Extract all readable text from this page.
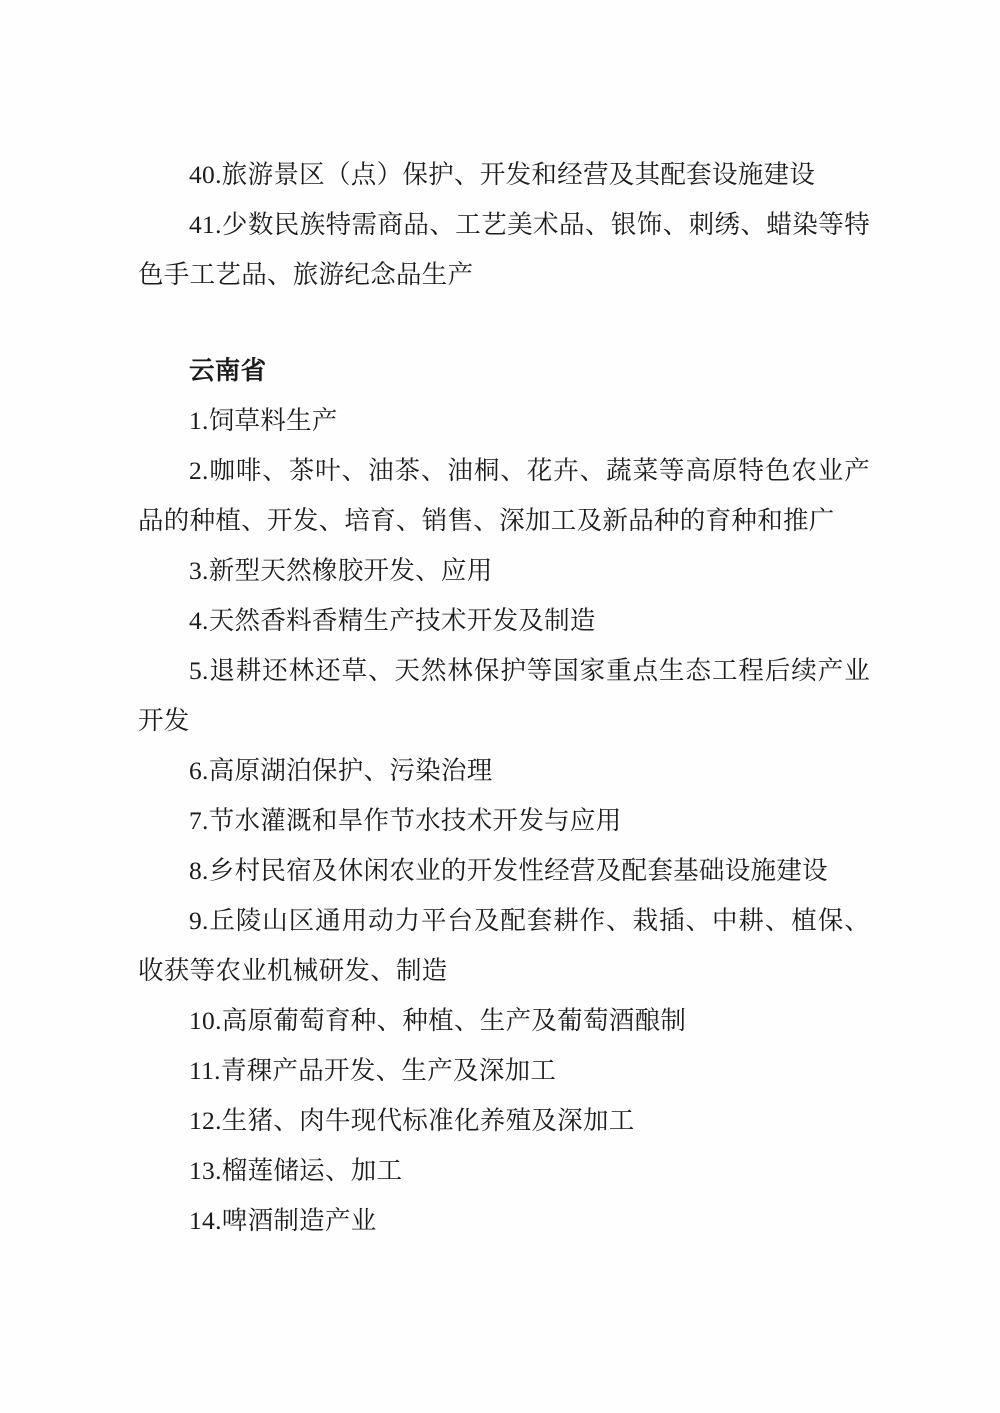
40.旅游景区（点）保护、开发和经营及其配套设施建设

41.少数民族特需商品、工艺美术品、银饰、刺绣、蜡染等特色手工艺品、旅游纪念品生产

云南省

1.饲草料生产

2.咖啡、茶叶、油茶、油桐、花卉、蔬菜等高原特色农业产品的种植、开发、培育、销售、深加工及新品种的育种和推广

3.新型天然橡胶开发、应用

4.天然香料香精生产技术开发及制造

5.退耕还林还草、天然林保护等国家重点生态工程后续产业开发

6.高原湖泊保护、污染治理

7.节水灌溉和旱作节水技术开发与应用

8.乡村民宿及休闲农业的开发性经营及配套基础设施建设

9.丘陵山区通用动力平台及配套耕作、栽插、中耕、植保、收获等农业机械研发、制造

10.高原葡萄育种、种植、生产及葡萄酒酿制

11.青稞产品开发、生产及深加工

12.生猪、肉牛现代标准化养殖及深加工

13.榴莲储运、加工

14.啤酒制造产业
